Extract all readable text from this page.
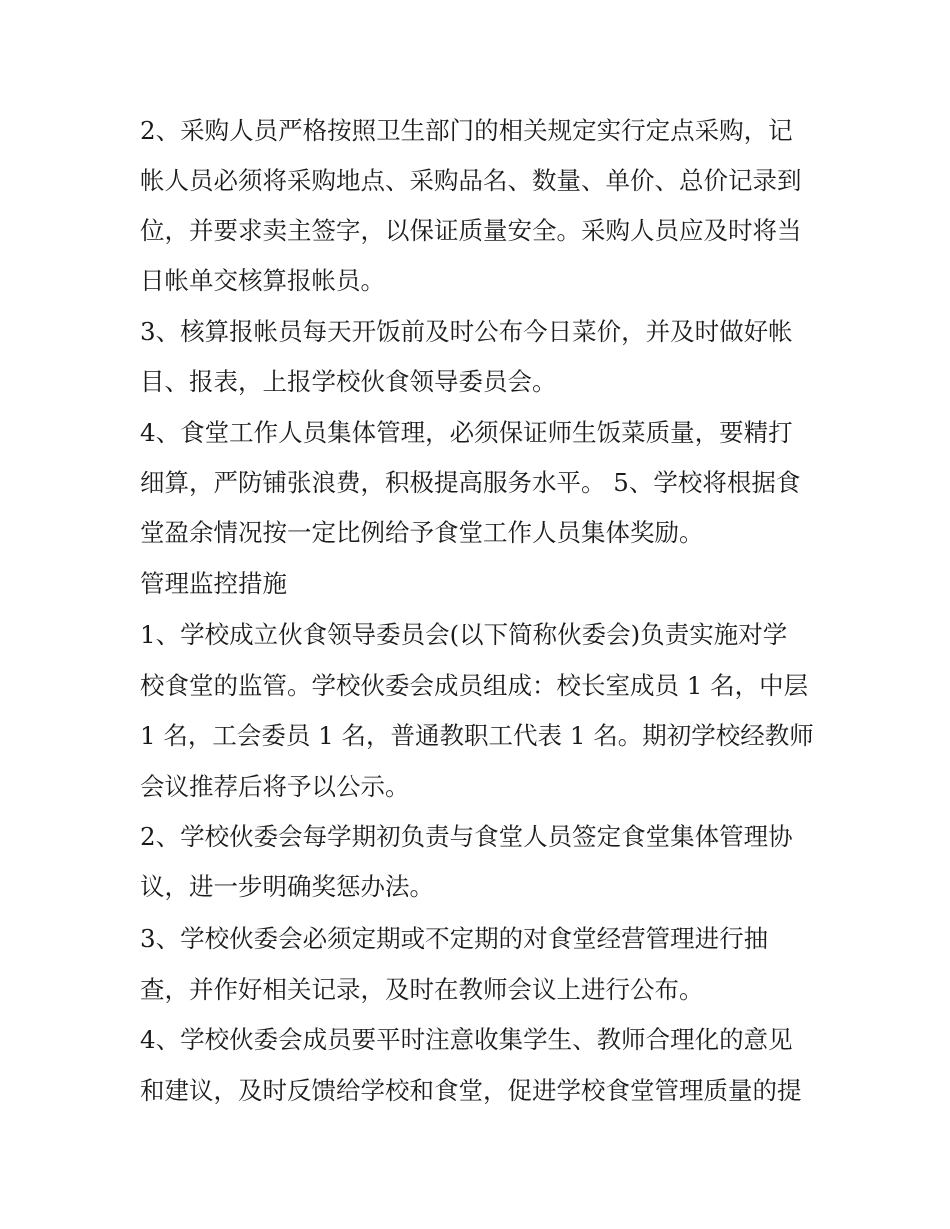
2、采购人员严格按照卫生部门的相关规定实行定点采购，记
帐人员必须将采购地点、采购品名、数量、单价、总价记录到
位，并要求卖主签字，以保证质量安全。采购人员应及时将当
日帐单交核算报帐员。
3、核算报帐员每天开饭前及时公布今日菜价，并及时做好帐
目、报表，上报学校伙食领导委员会。
4、食堂工作人员集体管理，必须保证师生饭菜质量，要精打
细算，严防铺张浪费，积极提高服务水平。 5、学校将根据食
堂盈余情况按一定比例给予食堂工作人员集体奖励。
管理监控措施
1、学校成立伙食领导委员会(以下简称伙委会)负责实施对学
校食堂的监管。学校伙委会成员组成：校长室成员 1 名，中层
1 名，工会委员 1 名，普通教职工代表 1 名。期初学校经教师
会议推荐后将予以公示。
2、学校伙委会每学期初负责与食堂人员签定食堂集体管理协
议，进一步明确奖惩办法。
3、学校伙委会必须定期或不定期的对食堂经营管理进行抽
查，并作好相关记录，及时在教师会议上进行公布。
4、学校伙委会成员要平时注意收集学生、教师合理化的意见
和建议，及时反馈给学校和食堂，促进学校食堂管理质量的提
